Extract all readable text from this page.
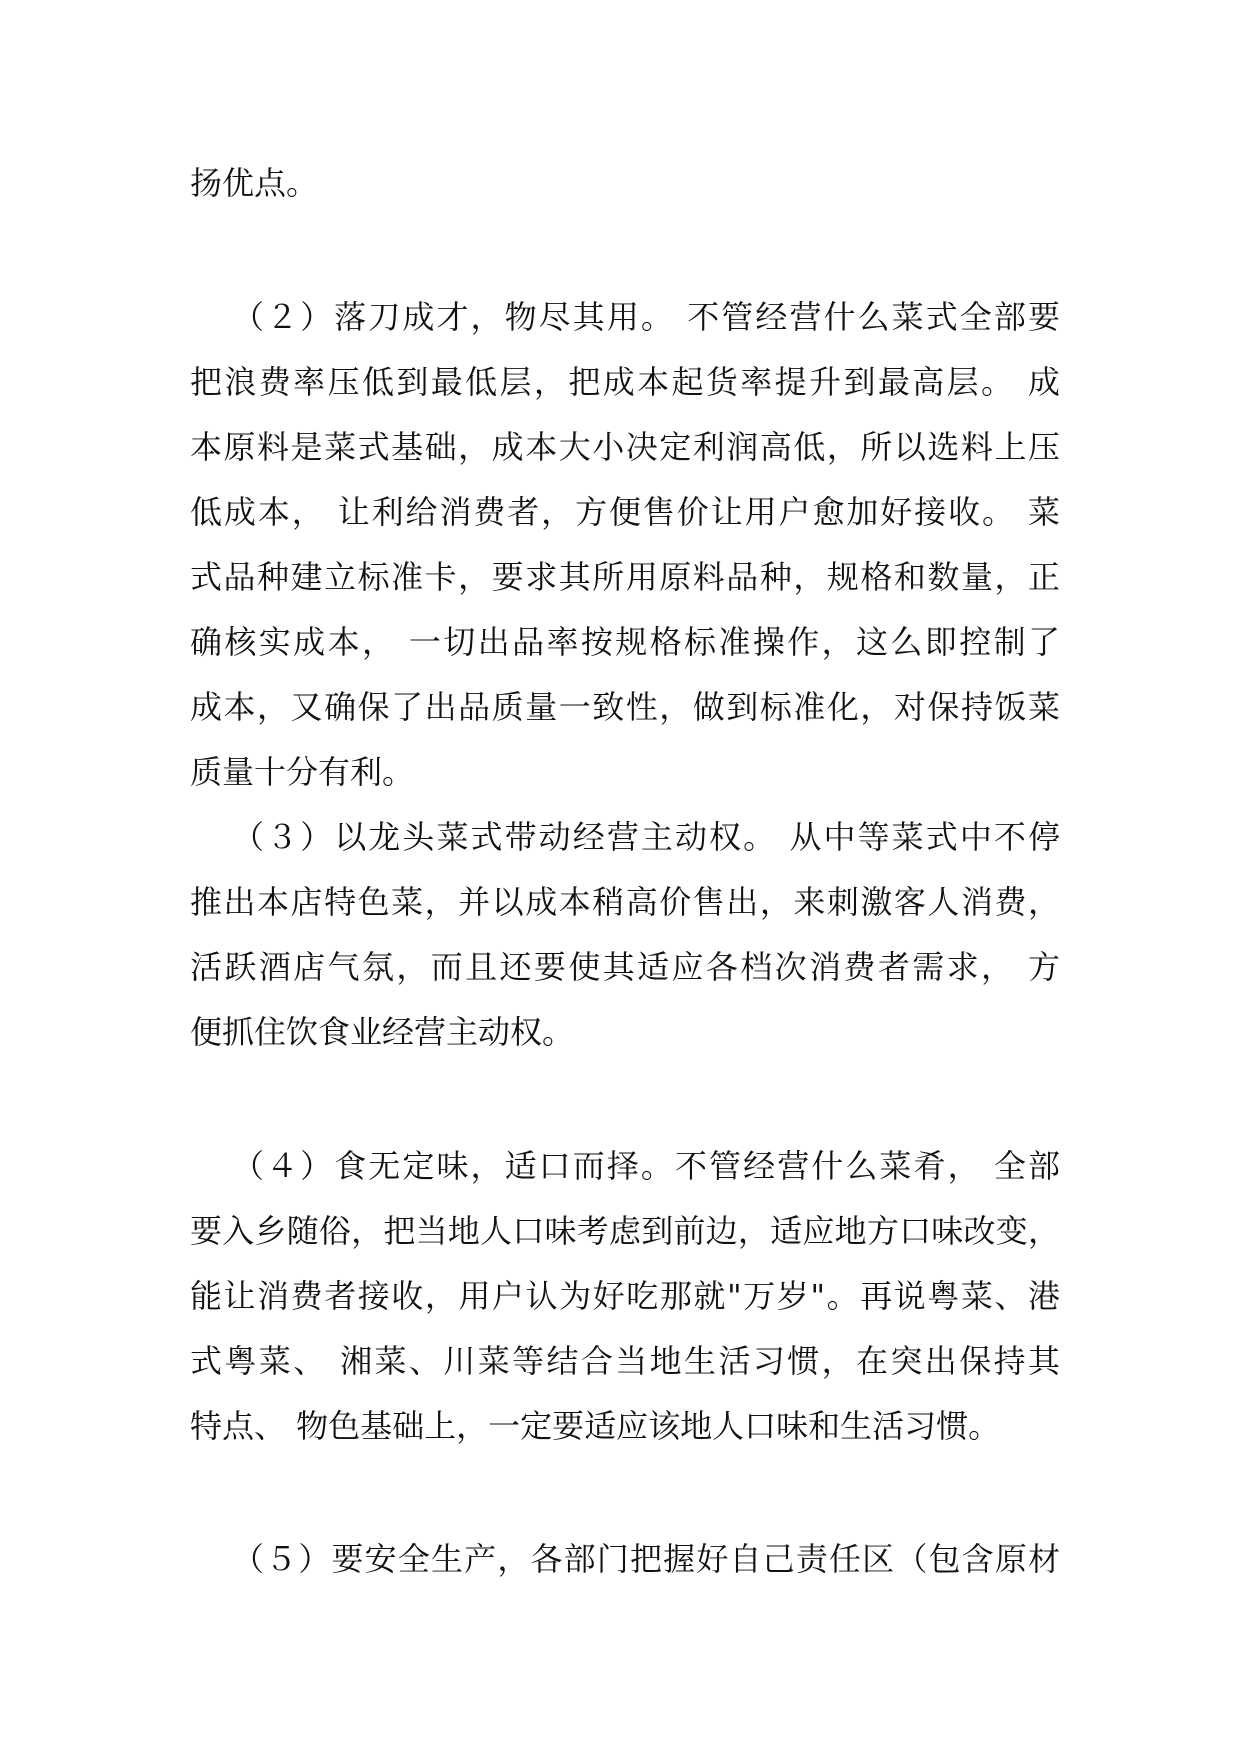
扬优点。
（２）落刀成才，物尽其用。 不管经营什么菜式全部要
把浪费率压低到最低层，把成本起货率提升到最高层。 成
本原料是菜式基础，成本大小决定利润高低，所以选料上压
低成本， 让利给消费者，方便售价让用户愈加好接收。 菜
式品种建立标准卡，要求其所用原料品种，规格和数量，正
确核实成本， 一切出品率按规格标准操作，这么即控制了
成本，又确保了出品质量一致性，做到标准化，对保持饭菜
质量十分有利。
（３）以龙头菜式带动经营主动权。 从中等菜式中不停
推出本店特色菜，并以成本稍高价售出，来刺激客人消费，
活跃酒店气氛，而且还要使其适应各档次消费者需求， 方
便抓住饮食业经营主动权。
（４）食无定味，适口而择。不管经营什么菜肴， 全部
要入乡随俗，把当地人口味考虑到前边，适应地方口味改变，
能让消费者接收，用户认为好吃那就"万岁"。再说粤菜、港
式粤菜、 湘菜、川菜等结合当地生活习惯，在突出保持其
特点、 物色基础上，一定要适应该地人口味和生活习惯。
（５）要安全生产，各部门把握好自己责任区（包含原材
